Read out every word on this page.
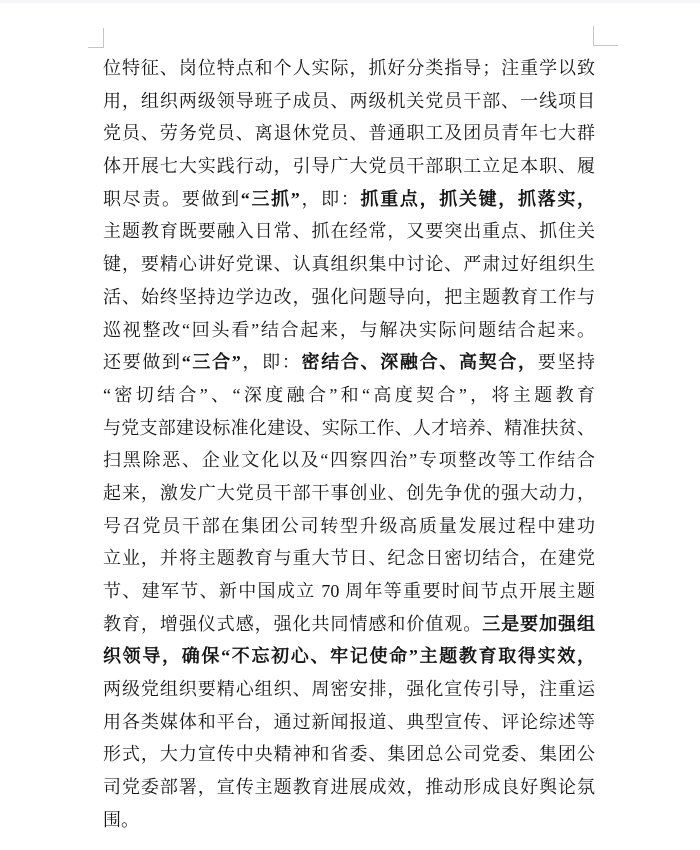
位特征、岗位特点和个人实际，抓好分类指导；注重学以致
用，组织两级领导班子成员、两级机关党员干部、一线项目
党员、劳务党员、离退休党员、普通职工及团员青年七大群
体开展七大实践行动，引导广大党员干部职工立足本职、履
职尽责。要做到“三抓”，即：抓重点，抓关键，抓落实，
主题教育既要融入日常、抓在经常，又要突出重点、抓住关
键，要精心讲好党课、认真组织集中讨论、严肃过好组织生
活、始终坚持边学边改，强化问题导向，把主题教育工作与
巡视整改“回头看”结合起来，与解决实际问题结合起来。
还要做到“三合”，即：密结合、深融合、高契合，要坚持
“密切结合”、“深度融合”和“高度契合”，将主题教育
与党支部建设标准化建设、实际工作、人才培养、精准扶贫、
扫黑除恶、企业文化以及“四察四治”专项整改等工作结合
起来，激发广大党员干部干事创业、创先争优的强大动力，
号召党员干部在集团公司转型升级高质量发展过程中建功
立业，并将主题教育与重大节日、纪念日密切结合，在建党
节、建军节、新中国成立 70 周年等重要时间节点开展主题
教育，增强仪式感，强化共同情感和价值观。三是要加强组
织领导，确保“不忘初心、牢记使命”主题教育取得实效，
两级党组织要精心组织、周密安排，强化宣传引导，注重运
用各类媒体和平台，通过新闻报道、典型宣传、评论综述等
形式，大力宣传中央精神和省委、集团总公司党委、集团公
司党委部署，宣传主题教育进展成效，推动形成良好舆论氛
围。
